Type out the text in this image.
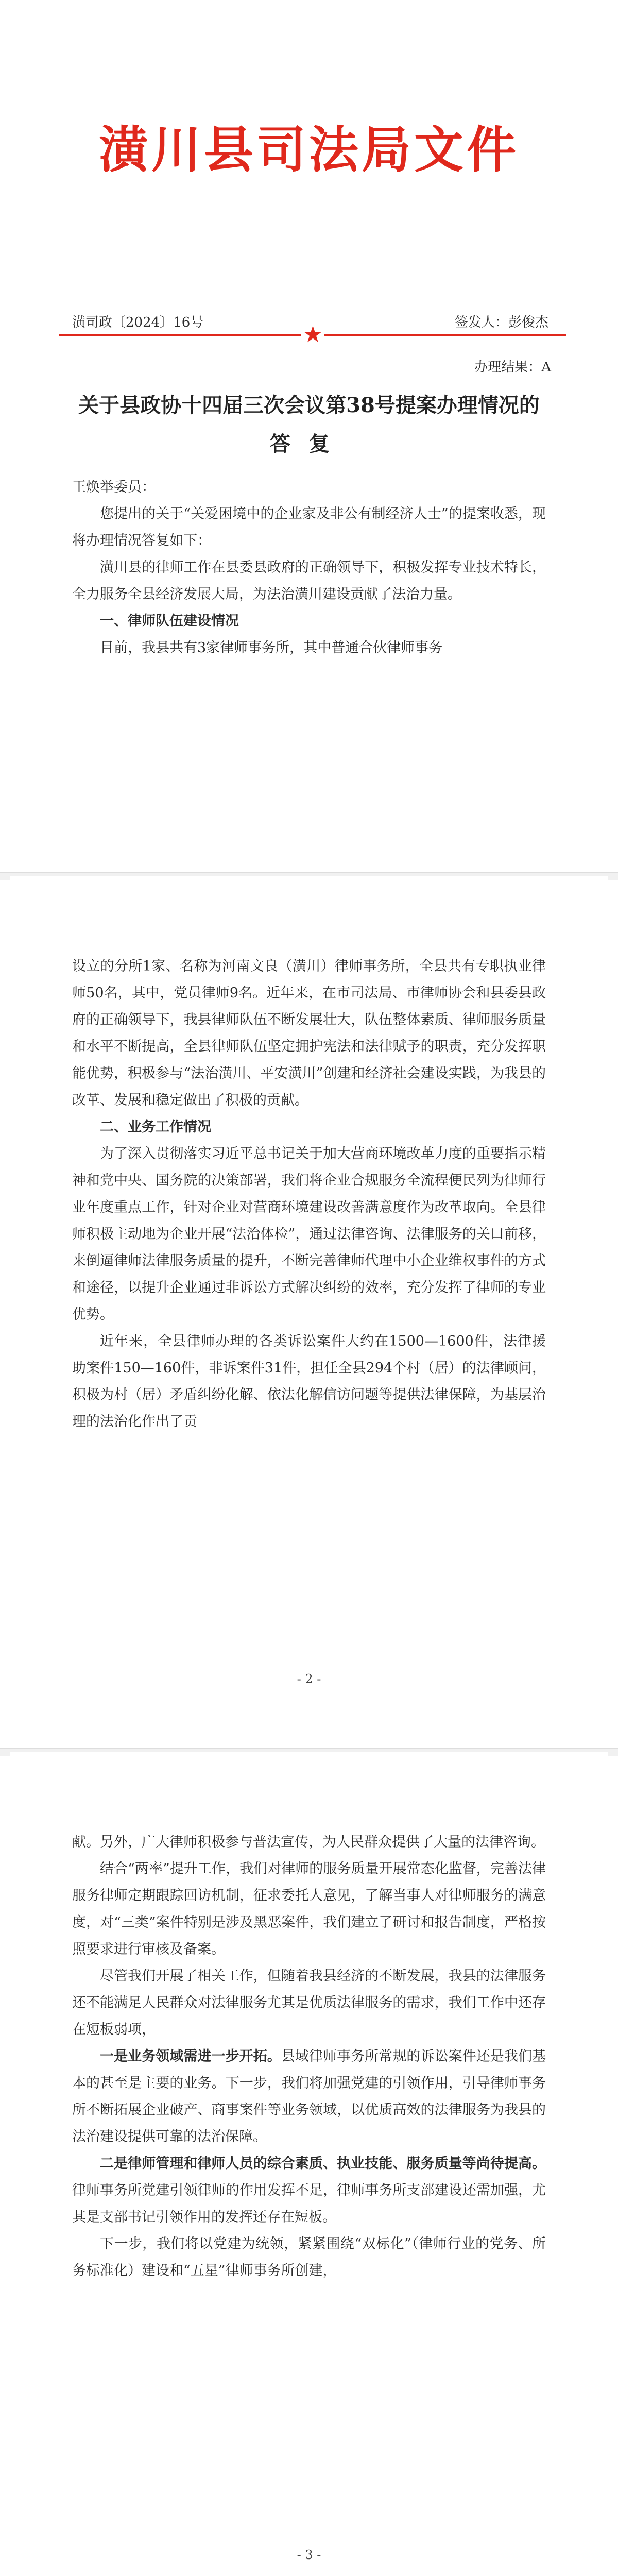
潢川县司法局文件
潢司政〔2024〕16号	签发人：彭俊杰
★
办理结果：A
关于县政协十四届三次会议第38号提案办理情况的
答复

王焕举委员：

您提出的关于“关爱困境中的企业家及非公有制经济人士”的提案收悉，现将办理情况答复如下：

潢川县的律师工作在县委县政府的正确领导下，积极发挥专业技术特长，全力服务全县经济发展大局，为法治潢川建设贡献了法治力量。

一、律师队伍建设情况

目前，我县共有3家律师事务所，其中普通合伙律师事务

设立的分所1家、名称为河南文良（潢川）律师事务所，全县共有专职执业律师50名，其中，党员律师9名。近年来，在市司法局、市律师协会和县委县政府的正确领导下，我县律师队伍不断发展壮大，队伍整体素质、律师服务质量和水平不断提高，全县律师队伍坚定拥护宪法和法律赋予的职责，充分发挥职能优势，积极参与“法治潢川、平安潢川”创建和经济社会建设实践，为我县的改革、发展和稳定做出了积极的贡献。

二、业务工作情况

为了深入贯彻落实习近平总书记关于加大营商环境改革力度的重要指示精神和党中央、国务院的决策部署，我们将企业合规服务全流程便民列为律师行业年度重点工作，针对企业对营商环境建设改善满意度作为改革取向。全县律师积极主动地为企业开展“法治体检”，通过法律咨询、法律服务的关口前移，来倒逼律师法律服务质量的提升，不断完善律师代理中小企业维权事件的方式和途径，以提升企业通过非诉讼方式解决纠纷的效率，充分发挥了律师的专业优势。

近年来，全县律师办理的各类诉讼案件大约在1500—1600件，法律援助案件150—160件，非诉案件31件，担任全县294个村（居）的法律顾问，积极为村（居）矛盾纠纷化解、依法化解信访问题等提供法律保障，为基层治理的法治化作出了贡

- 2 -

献。另外，广大律师积极参与普法宣传，为人民群众提供了大量的法律咨询。

结合“两率”提升工作，我们对律师的服务质量开展常态化监督，完善法律服务律师定期跟踪回访机制，征求委托人意见，了解当事人对律师服务的满意度，对“三类”案件特别是涉及黑恶案件，我们建立了研讨和报告制度，严格按照要求进行审核及备案。

尽管我们开展了相关工作，但随着我县经济的不断发展，我县的法律服务还不能满足人民群众对法律服务尤其是优质法律服务的需求，我们工作中还存在短板弱项，

一是业务领域需进一步开拓。县域律师事务所常规的诉讼案件还是我们基本的甚至是主要的业务。下一步，我们将加强党建的引领作用，引导律师事务所不断拓展企业破产、商事案件等业务领域，以优质高效的法律服务为我县的法治建设提供可靠的法治保障。

二是律师管理和律师人员的综合素质、执业技能、服务质量等尚待提高。律师事务所党建引领律师的作用发挥不足，律师事务所支部建设还需加强，尤其是支部书记引领作用的发挥还存在短板。

下一步，我们将以党建为统领，紧紧围绕“双标化”（律师行业的党务、所务标准化）建设和“五星”律师事务所创建，

- 3 -
